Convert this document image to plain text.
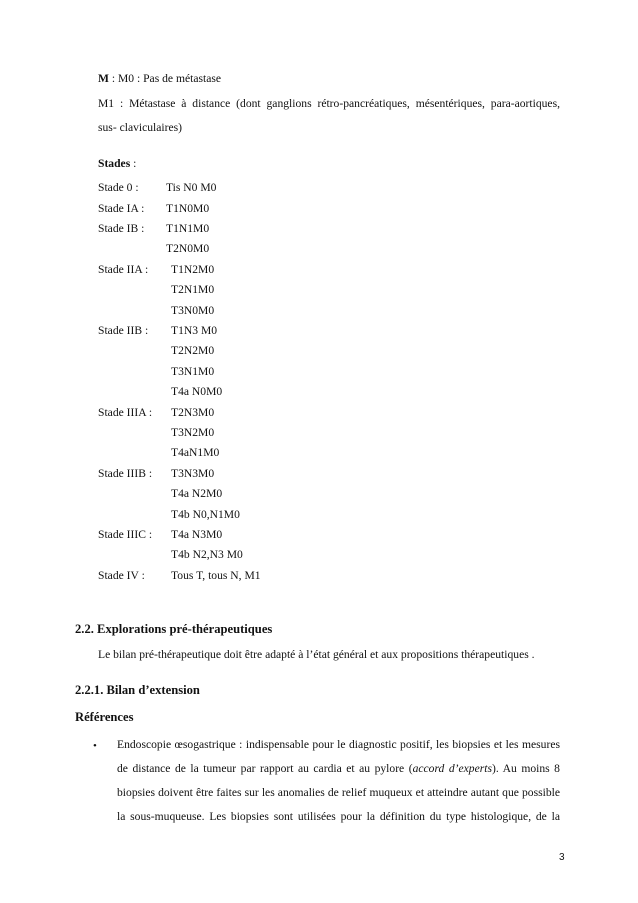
M : M0 : Pas de métastase
M1 : Métastase à distance (dont ganglions rétro-pancréatiques, mésentériques, para-aortiques,
sus- claviculaires)
Stades :
Stade 0 : Tis N0 M0
Stade IA : T1N0M0
Stade IB : T1N1M0
T2N0M0
Stade IIA : T1N2M0
T2N1M0
T3N0M0
Stade IIB : T1N3 M0
T2N2M0
T3N1M0
T4a N0M0
Stade IIIA : T2N3M0
T3N2M0
T4aN1M0
Stade IIIB : T3N3M0
T4a N2M0
T4b N0,N1M0
Stade IIIC : T4a N3M0
T4b N2,N3 M0
Stade IV : Tous T, tous N, M1
2.2. Explorations pré-thérapeutiques
Le bilan pré-thérapeutique doit être adapté à l’état général et aux propositions thérapeutiques .
2.2.1. Bilan d’extension
Références
• Endoscopie œsogastrique : indispensable pour le diagnostic positif, les biopsies et les mesures
de distance de la tumeur par rapport au cardia et au pylore (accord d’experts). Au moins 8
biopsies doivent être faites sur les anomalies de relief muqueux et atteindre autant que possible
la sous-muqueuse. Les biopsies sont utilisées pour la définition du type histologique, de la
3
